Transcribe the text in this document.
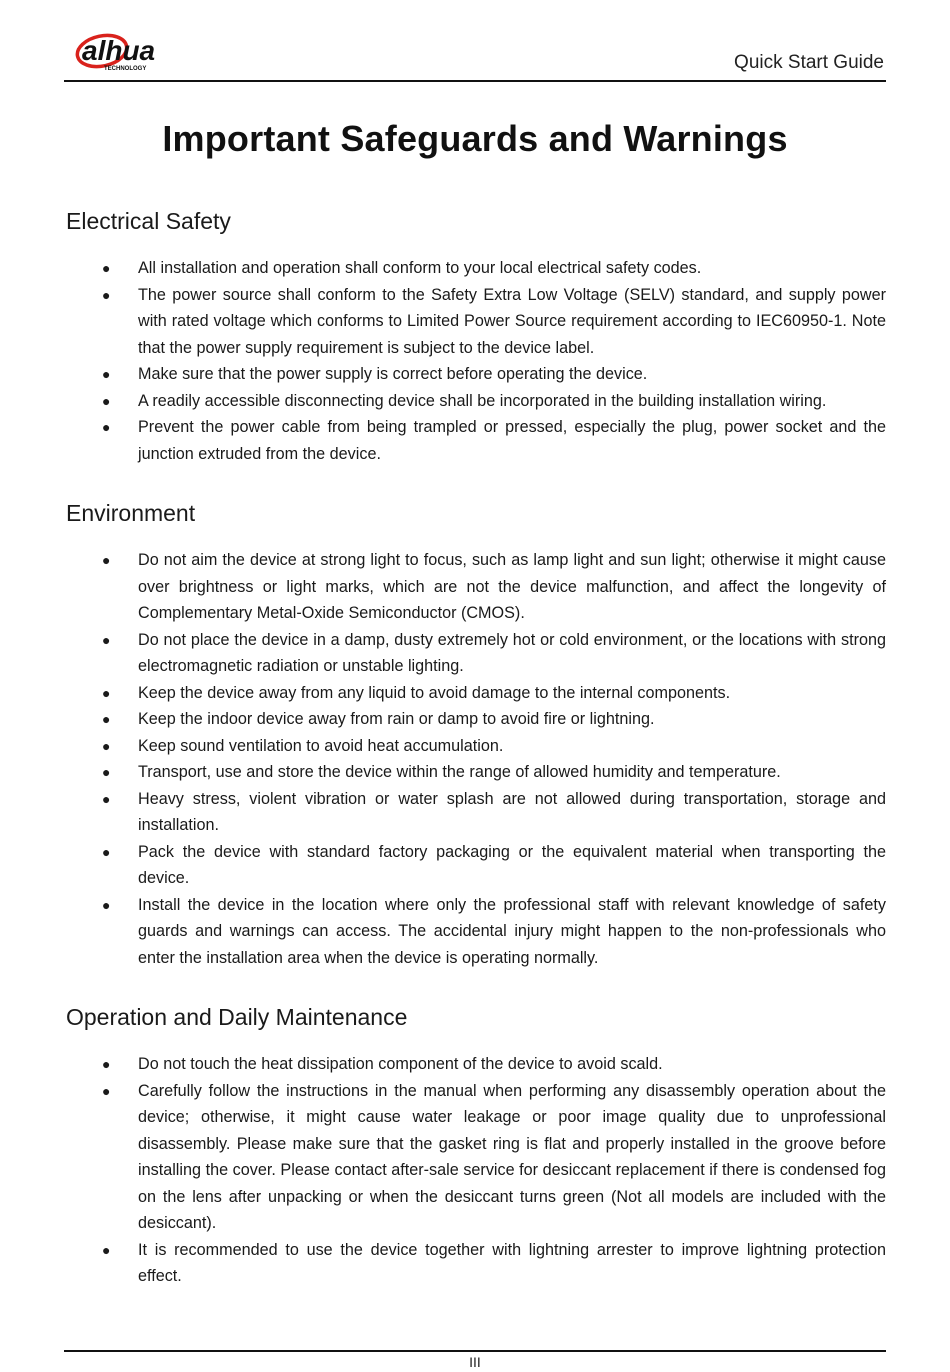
alhua
TECHNOLOGY	Quick Start Guide
Important Safeguards and Warnings
Electrical Safety
● All installation and operation shall conform to your local electrical safety codes.
● The power source shall conform to the Safety Extra Low Voltage (SELV) standard, and supply power with rated voltage which conforms to Limited Power Source requirement according to IEC60950-1. Note that the power supply requirement is subject to the device label.
● Make sure that the power supply is correct before operating the device.
● A readily accessible disconnecting device shall be incorporated in the building installation wiring.
● Prevent the power cable from being trampled or pressed, especially the plug, power socket and the junction extruded from the device.
Environment
● Do not aim the device at strong light to focus, such as lamp light and sun light; otherwise it might cause over brightness or light marks, which are not the device malfunction, and affect the longevity of Complementary Metal-Oxide Semiconductor (CMOS).
● Do not place the device in a damp, dusty extremely hot or cold environment, or the locations with strong electromagnetic radiation or unstable lighting.
● Keep the device away from any liquid to avoid damage to the internal components.
● Keep the indoor device away from rain or damp to avoid fire or lightning.
● Keep sound ventilation to avoid heat accumulation.
● Transport, use and store the device within the range of allowed humidity and temperature.
● Heavy stress, violent vibration or water splash are not allowed during transportation, storage and installation.
● Pack the device with standard factory packaging or the equivalent material when transporting the device.
● Install the device in the location where only the professional staff with relevant knowledge of safety guards and warnings can access. The accidental injury might happen to the non-professionals who enter the installation area when the device is operating normally.
Operation and Daily Maintenance
● Do not touch the heat dissipation component of the device to avoid scald.
● Carefully follow the instructions in the manual when performing any disassembly operation about the device; otherwise, it might cause water leakage or poor image quality due to unprofessional disassembly. Please make sure that the gasket ring is flat and properly installed in the groove before installing the cover. Please contact after-sale service for desiccant replacement if there is condensed fog on the lens after unpacking or when the desiccant turns green (Not all models are included with the desiccant).
● It is recommended to use the device together with lightning arrester to improve lightning protection effect.
III
